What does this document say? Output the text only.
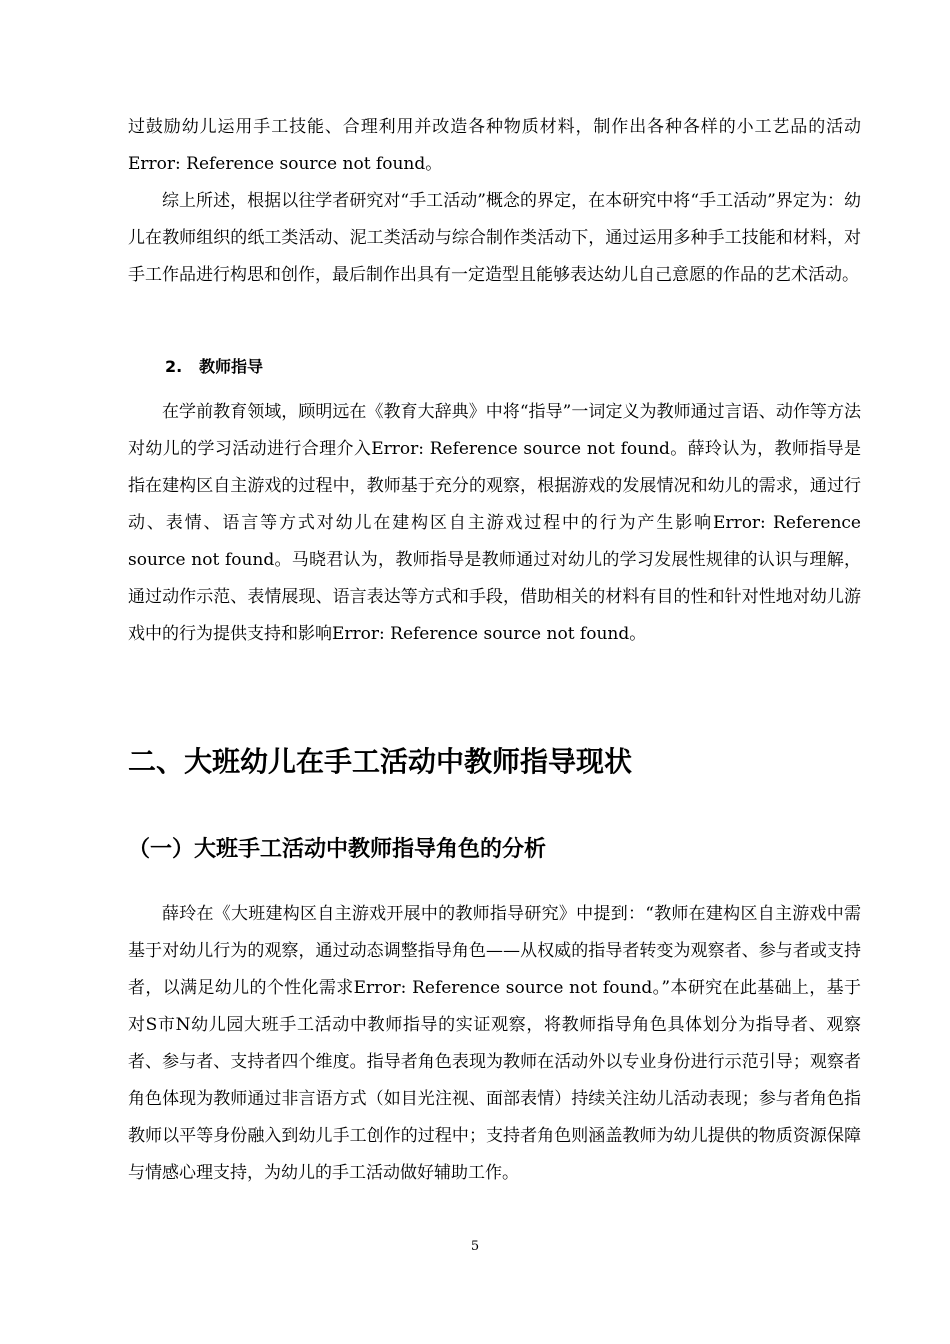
过鼓励幼儿运用手工技能、合理利用并改造各种物质材料，制作出各种各样的小工艺品的活动Error: Reference source not found。

综上所述，根据以往学者研究对“手工活动”概念的界定，在本研究中将“手工活动”界定为：幼儿在教师组织的纸工类活动、泥工类活动与综合制作类活动下，通过运用多种手工技能和材料，对手工作品进行构思和创作，最后制作出具有一定造型且能够表达幼儿自己意愿的作品的艺术活动。

2. 教师指导

在学前教育领域，顾明远在《教育大辞典》中将“指导”一词定义为教师通过言语、动作等方法对幼儿的学习活动进行合理介入Error: Reference source not found。薛玲认为，教师指导是指在建构区自主游戏的过程中，教师基于充分的观察，根据游戏的发展情况和幼儿的需求，通过行动、表情、语言等方式对幼儿在建构区自主游戏过程中的行为产生影响Error: Reference source not found。马晓君认为，教师指导是教师通过对幼儿的学习发展性规律的认识与理解，通过动作示范、表情展现、语言表达等方式和手段，借助相关的材料有目的性和针对性地对幼儿游戏中的行为提供支持和影响Error: Reference source not found。

二、大班幼儿在手工活动中教师指导现状
（一）大班手工活动中教师指导角色的分析

薛玲在《大班建构区自主游戏开展中的教师指导研究》中提到：“教师在建构区自主游戏中需基于对幼儿行为的观察，通过动态调整指导角色——从权威的指导者转变为观察者、参与者或支持者，以满足幼儿的个性化需求Error: Reference source not found。”本研究在此基础上，基于对S市N幼儿园大班手工活动中教师指导的实证观察，将教师指导角色具体划分为指导者、观察者、参与者、支持者四个维度。指导者角色表现为教师在活动外以专业身份进行示范引导；观察者角色体现为教师通过非言语方式（如目光注视、面部表情）持续关注幼儿活动表现；参与者角色指教师以平等身份融入到幼儿手工创作的过程中；支持者角色则涵盖教师为幼儿提供的物质资源保障与情感心理支持，为幼儿的手工活动做好辅助工作。

5
